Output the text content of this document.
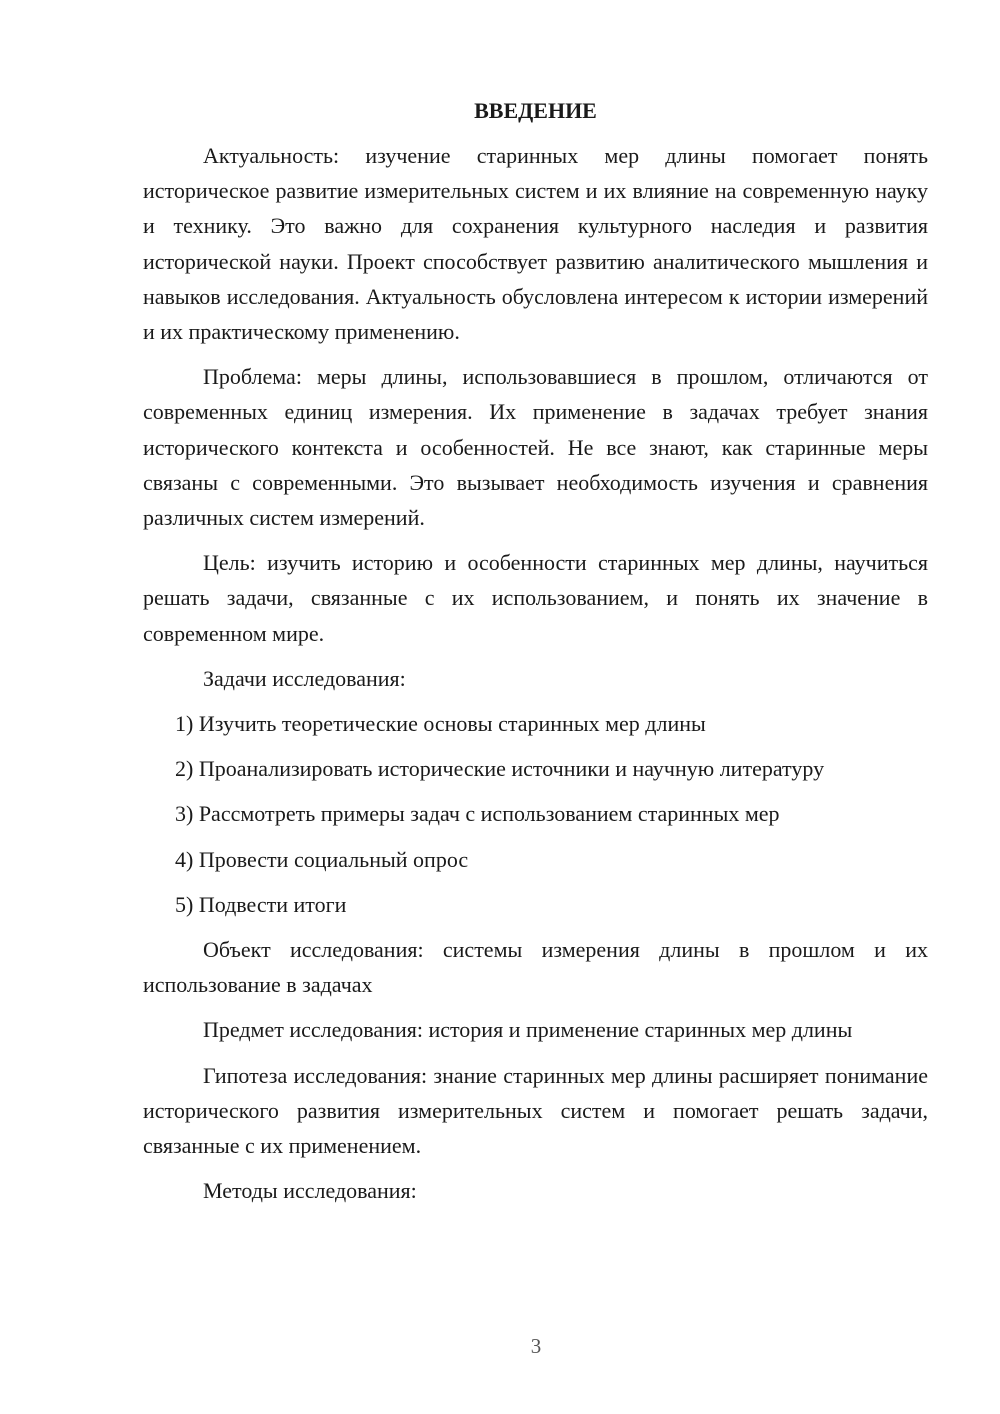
ВВЕДЕНИЕ

Актуальность: изучение старинных мер длины помогает понять историческое развитие измерительных систем и их влияние на современную науку и технику. Это важно для сохранения культурного наследия и развития исторической науки. Проект способствует развитию аналитического мышления и навыков исследования. Актуальность обусловлена интересом к истории измерений и их практическому применению.

Проблема: меры длины, использовавшиеся в прошлом, отличаются от современных единиц измерения. Их применение в задачах требует знания исторического контекста и особенностей. Не все знают, как старинные меры связаны с современными. Это вызывает необходимость изучения и сравнения различных систем измерений.

Цель: изучить историю и особенности старинных мер длины, научиться решать задачи, связанные с их использованием, и понять их значение в современном мире.

Задачи исследования:

1) Изучить теоретические основы старинных мер длины
2) Проанализировать исторические источники и научную литературу
3) Рассмотреть примеры задач с использованием старинных мер
4) Провести социальный опрос
5) Подвести итоги

Объект исследования: системы измерения длины в прошлом и их использование в задачах

Предмет исследования: история и применение старинных мер длины

Гипотеза исследования: знание старинных мер длины расширяет понимание исторического развития измерительных систем и помогает решать задачи, связанные с их применением.

Методы исследования:

3
